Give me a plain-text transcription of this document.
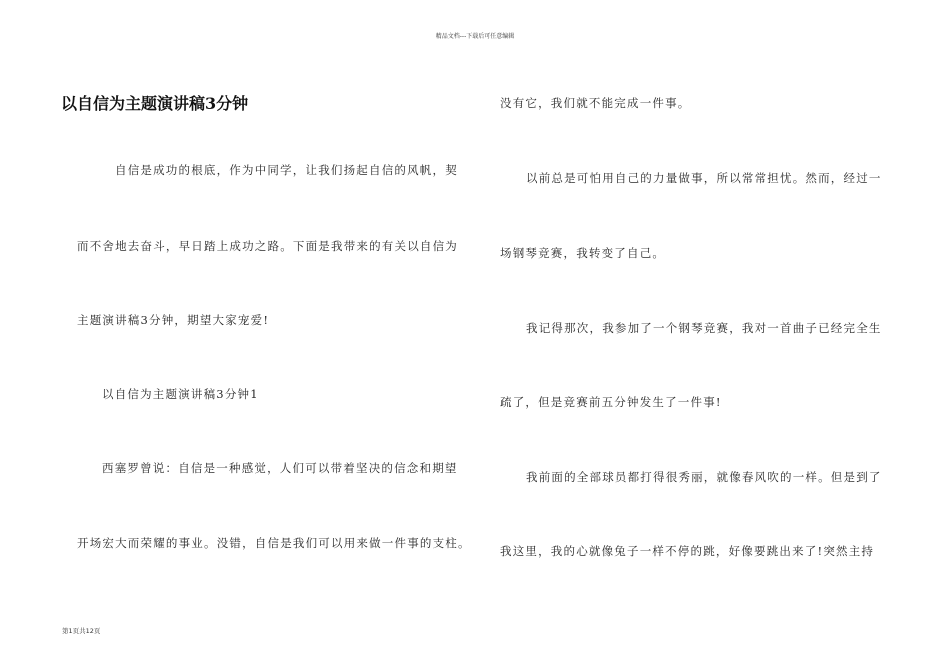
精品文档---下载后可任意编辑
以自信为主题演讲稿3分钟
自信是成功的根底，作为中同学，让我们扬起自信的风帆，契
而不舍地去奋斗，早日踏上成功之路。下面是我带来的有关以自信为
主题演讲稿3分钟，期望大家宠爱!
以自信为主题演讲稿3分钟1
西塞罗曾说：自信是一种感觉，人们可以带着坚决的信念和期望
开场宏大而荣耀的事业。没错，自信是我们可以用来做一件事的支柱。
没有它，我们就不能完成一件事。
以前总是可怕用自己的力量做事，所以常常担忧。然而，经过一
场钢琴竞赛，我转变了自己。
我记得那次，我参加了一个钢琴竞赛，我对一首曲子已经完全生
疏了，但是竞赛前五分钟发生了一件事!
我前面的全部球员都打得很秀丽，就像春风吹的一样。但是到了
我这里，我的心就像兔子一样不停的跳，好像要跳出来了!突然主持
第1页共12页
